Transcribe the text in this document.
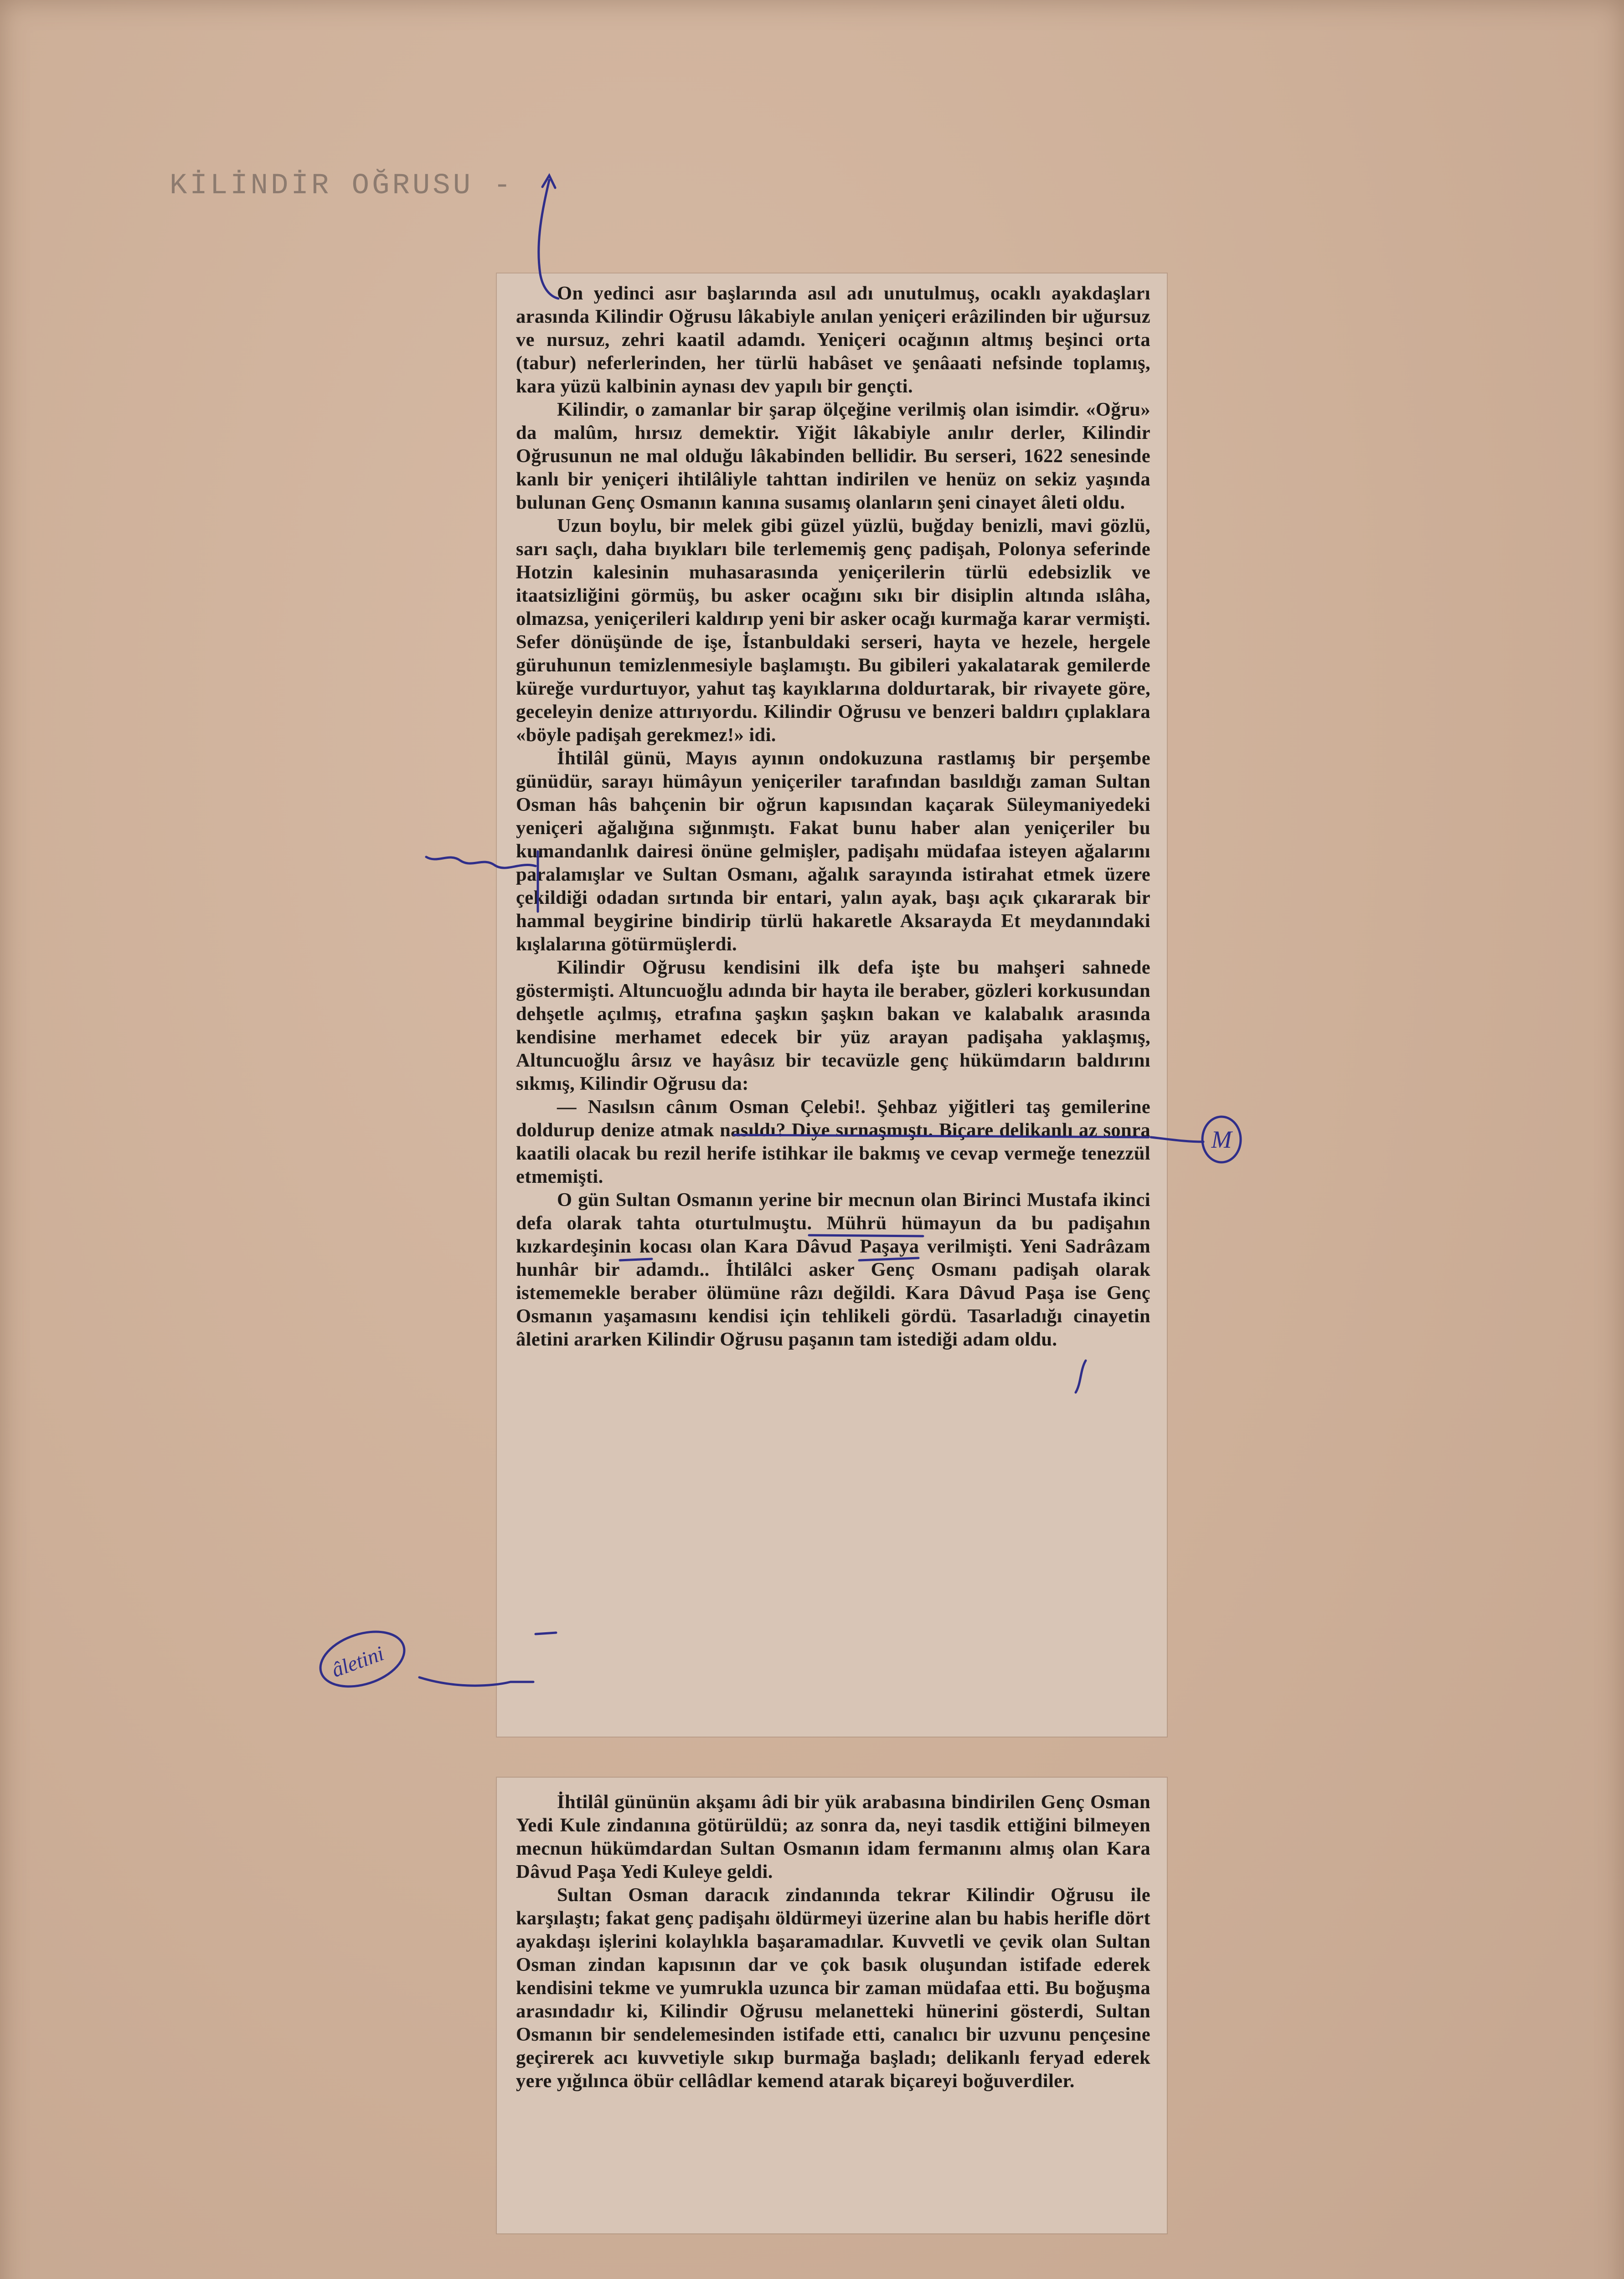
KİLİNDİR OĞRUSU -

On yedinci asır başlarında asıl adı unutulmuş, ocaklı ayakdaşları arasında Kilindir Oğrusu lâkabiyle anılan yeniçeri erâzilinden bir uğursuz ve nursuz, zehri kaatil adamdı. Yeniçeri ocağının altmış beşinci orta (tabur) neferlerinden, her türlü habâset ve şenâaati nefsinde toplamış, kara yüzü kalbinin aynası dev yapılı bir gençti.

Kilindir, o zamanlar bir şarap ölçeğine verilmiş olan isimdir. «Oğru» da malûm, hırsız demektir. Yiğit lâkabiyle anılır derler, Kilindir Oğrusunun ne mal olduğu lâkabinden bellidir. Bu serseri, 1622 senesinde kanlı bir yeniçeri ihtilâliyle tahttan indirilen ve henüz on sekiz yaşında bulunan Genç Osmanın kanına susamış olanların şeni cinayet âleti oldu.

Uzun boylu, bir melek gibi güzel yüzlü, buğday benizli, mavi gözlü, sarı saçlı, daha bıyıkları bile terlememiş genç padişah, Polonya seferinde Hotzin kalesinin muhasarasında yeniçerilerin türlü edebsizlik ve itaatsizliğini görmüş, bu asker ocağını sıkı bir disiplin altında ıslâha, olmazsa, yeniçerileri kaldırıp yeni bir asker ocağı kurmağa karar vermişti. Sefer dönüşünde de işe, İstanbuldaki serseri, hayta ve hezele, hergele güruhunun temizlenmesiyle başlamıştı. Bu gibileri yakalatarak gemilerde küreğe vurdurtuyor, yahut taş kayıklarına doldurtarak, bir rivayete göre, geceleyin denize attırıyordu. Kilindir Oğrusu ve benzeri baldırı çıplaklara «böyle padişah gerekmez!» idi.

İhtilâl günü, Mayıs ayının ondokuzuna rastlamış bir perşembe günüdür, sarayı hümâyun yeniçeriler tarafından basıldığı zaman Sultan Osman hâs bahçenin bir oğrun kapısından kaçarak Süleymaniyedeki yeniçeri ağalığına sığınmıştı. Fakat bunu haber alan yeniçeriler bu kumandanlık dairesi önüne gelmişler, padişahı müdafaa isteyen ağalarını paralamışlar ve Sultan Osmanı, ağalık sarayında istirahat etmek üzere çekildiği odadan sırtında bir entari, yalın ayak, başı açık çıkararak bir hammal beygirine bindirip türlü hakaretle Aksarayda Et meydanındaki kışlalarına götürmüşlerdi.

Kilindir Oğrusu kendisini ilk defa işte bu mahşeri sahnede göstermişti. Altuncuoğlu adında bir hayta ile beraber, gözleri korkusundan dehşetle açılmış, etrafına şaşkın şaşkın bakan ve kalabalık arasında kendisine merhamet edecek bir yüz arayan padişaha yaklaşmış, Altuncuoğlu ârsız ve hayâsız bir tecavüzle genç hükümdarın baldırını sıkmış, Kilindir Oğrusu da:

— Nasılsın cânım Osman Çelebi!. Şehbaz yiğitleri taş gemilerine doldurup denize atmak nasıldı? Diye sırnaşmıştı. Biçare delikanlı az sonra kaatili olacak bu rezil herife istihkar ile bakmış ve cevap vermeğe tenezzül etmemişti.

O gün Sultan Osmanın yerine bir mecnun olan Birinci Mustafa ikinci defa olarak tahta oturtulmuştu. Mührü hümayun da bu padişahın kızkardeşinin kocası olan Kara Dâvud Paşaya verilmişti. Yeni Sadrâzam hunhâr bir adamdı.. İhtilâlci asker Genç Osmanı padişah olarak istememekle beraber ölümüne râzı değildi. Kara Dâvud Paşa ise Genç Osmanın yaşamasını kendisi için tehlikeli gördü. Tasarladığı cinayetin âletini ararken Kilindir Oğrusu paşanın tam istediği adam oldu.

İhtilâl gününün akşamı âdi bir yük arabasına bindirilen Genç Osman Yedi Kule zindanına götürüldü; az sonra da, neyi tasdik ettiğini bilmeyen mecnun hükümdardan Sultan Osmanın idam fermanını almış olan Kara Dâvud Paşa Yedi Kuleye geldi.

Sultan Osman daracık zindanında tekrar Kilindir Oğrusu ile karşılaştı; fakat genç padişahı öldürmeyi üzerine alan bu habis herifle dört ayakdaşı işlerini kolaylıkla başaramadılar. Kuvvetli ve çevik olan Sultan Osman zindan kapısının dar ve çok basık oluşundan istifade ederek kendisini tekme ve yumrukla uzunca bir zaman müdafaa etti. Bu boğuşma arasındadır ki, Kilindir Oğrusu melanetteki hünerini gösterdi, Sultan Osmanın bir sendelemesinden istifade etti, canalıcı bir uzvunu pençesine geçirerek acı kuvvetiyle sıkıp burmağa başladı; delikanlı feryad ederek yere yığılınca öbür cellâdlar kemend atarak biçareyi boğuverdiler.

M
âletini
